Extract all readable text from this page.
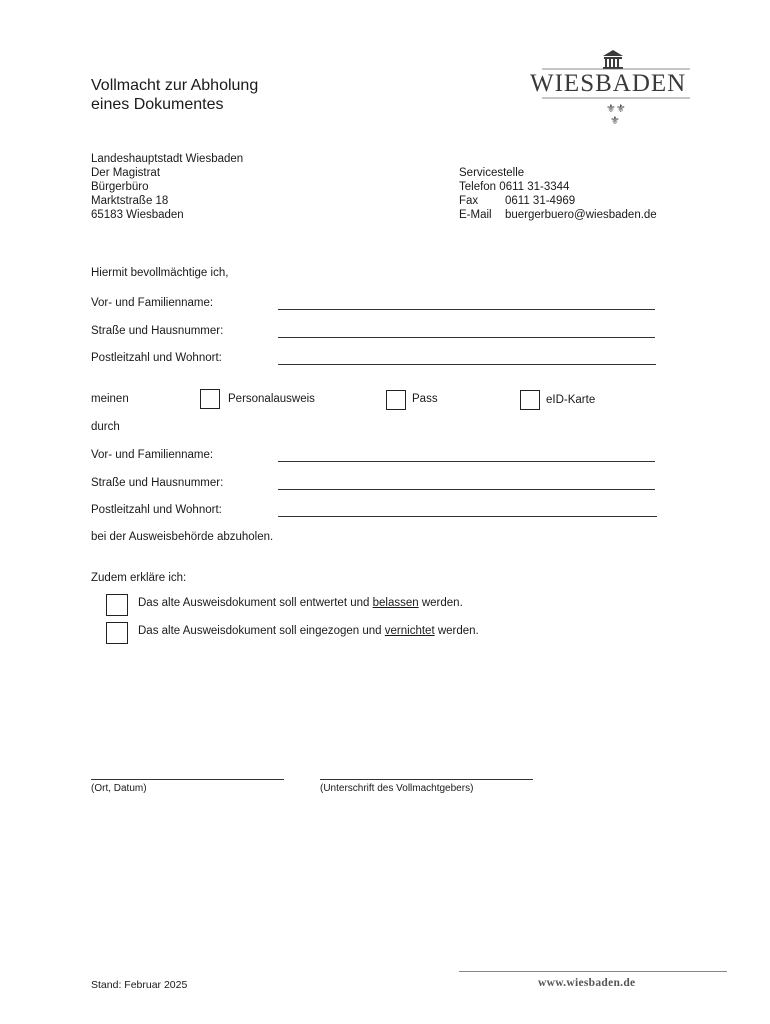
Vollmacht zur Abholung
eines Dokumentes
WIESBADEN
⚜⚜
⚜
Landeshauptstadt Wiesbaden
Der Magistrat
Bürgerbüro
Marktstraße 18
65183 Wiesbaden
Servicestelle
Telefon 0611 31-3344
Fax 0611 31-4969
E-Mail buergerbuero@wiesbaden.de
Hiermit bevollmächtige ich,
Vor- und Familienname:
Straße und Hausnummer:
Postleitzahl und Wohnort:
meinen	Personalausweis	Pass	eID-Karte
durch
Vor- und Familienname:
Straße und Hausnummer:
Postleitzahl und Wohnort:
bei der Ausweisbehörde abzuholen.
Zudem erkläre ich:
Das alte Ausweisdokument soll entwertet und belassen werden.
Das alte Ausweisdokument soll eingezogen und vernichtet werden.
(Ort, Datum)	(Unterschrift des Vollmachtgebers)
Stand: Februar 2025	www.wiesbaden.de
